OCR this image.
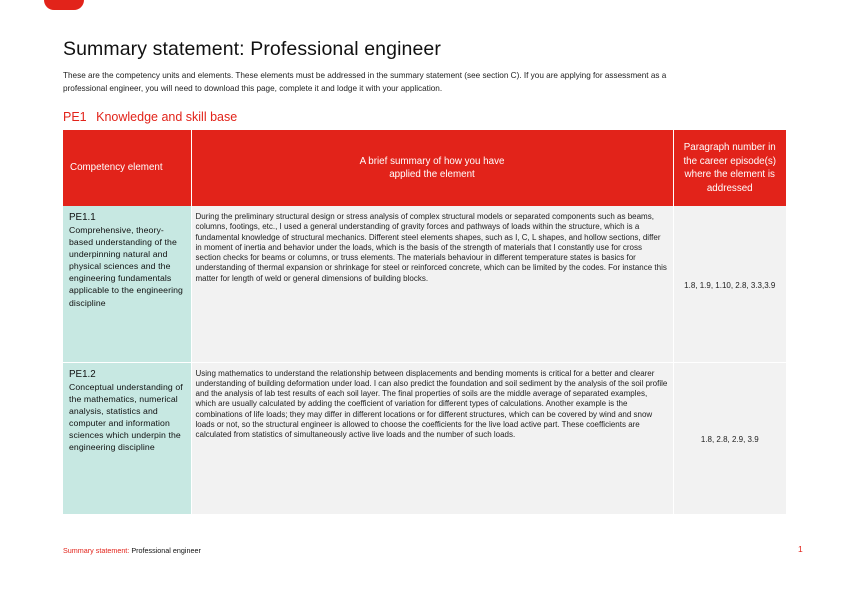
Summary statement: Professional engineer

These are the competency units and elements. These elements must be addressed in the summary statement (see section C). If you are applying for assessment as a professional engineer, you will need to download this page, complete it and lodge it with your application.

PE1 Knowledge and skill base
Competency element	A brief summary of how you have applied the element	Paragraph number in the career episode(s) where the element is addressed

PE1.1
Comprehensive, theory-based understanding of the underpinning natural and physical sciences and the engineering fundamentals applicable to the engineering discipline	During the preliminary structural design or stress analysis of complex structural models or separated components such as beams, columns, footings, etc., I used a general understanding of gravity forces and pathways of loads within the structure, which is a fundamental knowledge of structural mechanics. Different steel elements shapes, such as I, C, L shapes, and hollow sections, differ in moment of inertia and behavior under the loads, which is the basis of the strength of materials that I constantly use for cross section checks for beams or columns, or truss elements. The materials behaviour in different temperature states is basics for understanding of thermal expansion or shrinkage for steel or reinforced concrete, which can be limited by the codes. For instance this matter for length of weld or general dimensions of building blocks.	1.8, 1.9, 1.10, 2.8, 3.3,3.9

PE1.2
Conceptual understanding of the mathematics, numerical analysis, statistics and computer and information sciences which underpin the engineering discipline	Using mathematics to understand the relationship between displacements and bending moments is critical for a better and clearer understanding of building deformation under load. I can also predict the foundation and soil sediment by the analysis of the soil profile and the analysis of lab test results of each soil layer. The final properties of soils are the middle average of separated examples, which are usually calculated by adding the coefficient of variation for different types of calculations. Another example is the combinations of life loads; they may differ in different locations or for different structures, which can be covered by wind and snow loads or not, so the structural engineer is allowed to choose the coefficients for the live load active part. These coefficients are calculated from statistics of simultaneously active live loads and the number of such loads.	1.8, 2.8, 2.9, 3.9

Summary statement: Professional engineer	1
